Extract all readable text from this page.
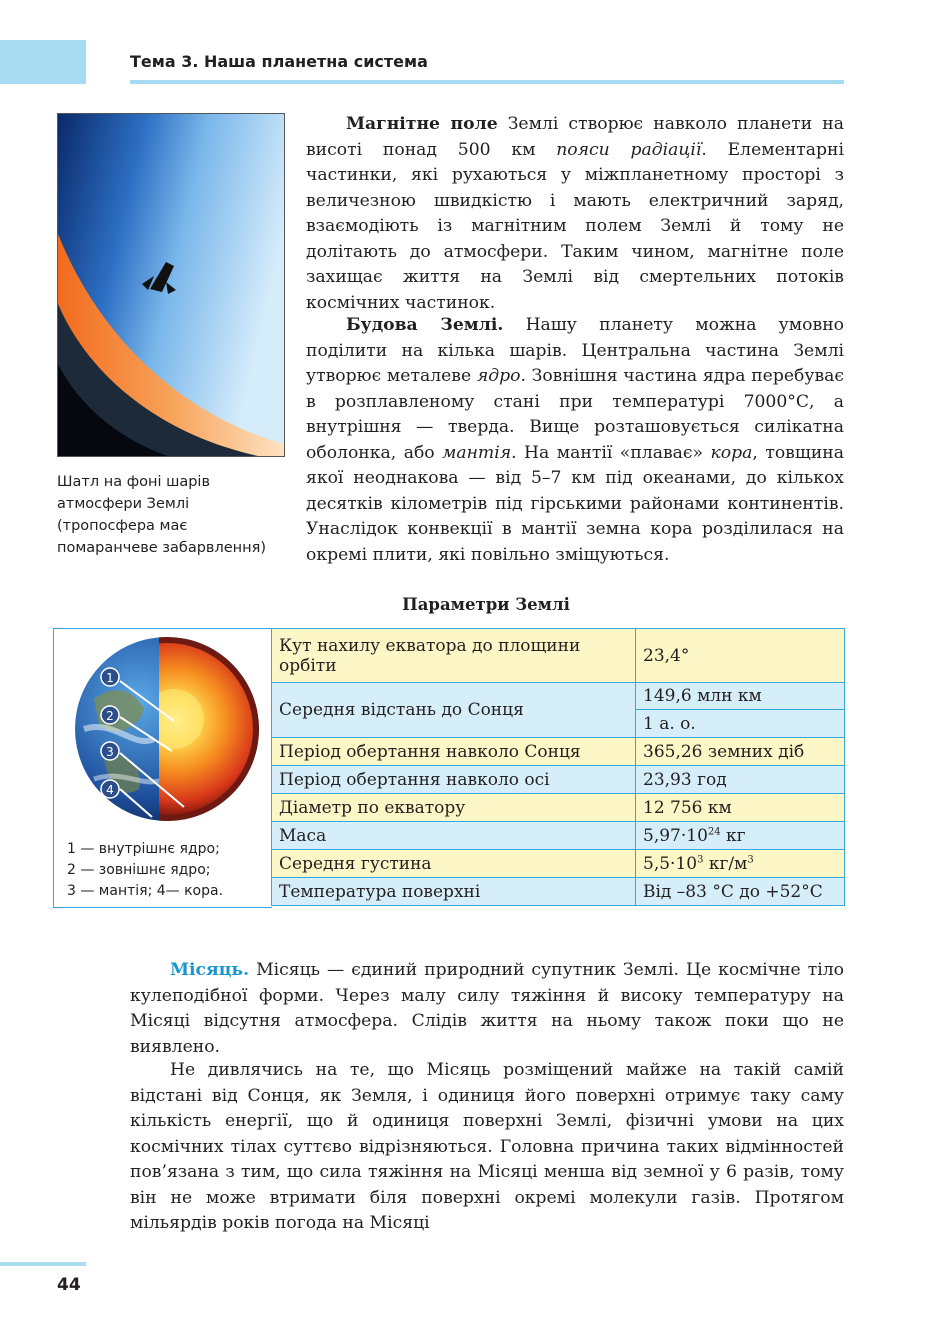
Тема 3. Наша планетна система
Шатл на фоні шарів атмосфери Землі (тропосфера має помаранчеве забарвлення)

Магнітне поле Землі створює навколо планети на висоті понад 500 км пояси радіації. Елементарні частинки, які рухаються у міжпланетному просторі з величезною швидкістю і мають електричний заряд, взаємодіють із магнітним полем Землі й тому не долітають до атмосфери. Таким чином, магнітне поле захищає життя на Землі від смертельних потоків космічних частинок.

Будова Землі. Нашу планету можна умовно поділити на кілька шарів. Центральна частина Землі утворює металеве ядро. Зовнішня частина ядра перебуває в розплавленому стані при температурі 7000°С, а внутрішня — тверда. Вище розташовується силікатна оболонка, або мантія. На мантії «плаває» кора, товщина якої неоднакова — від 5–7 км під океанами, до кількох десятків кілометрів під гірськими районами континентів. Унаслідок конвекції в мантії земна кора розділилася на окремі плити, які повільно зміщуються.

Параметри Землі
1
2
3
4
1 — внутрішнє ядро;
2 — зовнішнє ядро;
3 — мантія; 4— кора.
Кут нахилу екватора до площини орбіти	23,4°
Середня відстань до Сонця	149,6 млн км
	1 а. о.
Період обертання навколо Сонця	365,26 земних діб
Період обертання навколо осі	23,93 год
Діаметр по екватору	12 756 км
Маса	$5,97\cdot 10^{24}$ кг
Середня густина	$5,5\cdot 10^3$ $кг/м^3$
Температура поверхні	Від –83 °С до +52°С

Місяць. Місяць — єдиний природний супутник Землі. Це космічне тіло кулеподібної форми. Через малу силу тяжіння й високу температуру на Місяці відсутня атмосфера. Слідів життя на ньому також поки що не виявлено.

Не дивлячись на те, що Місяць розміщений майже на такій самій відстані від Сонця, як Земля, і одиниця його поверхні отримує таку саму кількість енергії, що й одиниця поверхні Землі, фізичні умови на цих космічних тілах суттєво відрізняються. Головна причина таких відмінностей пов’язана з тим, що сила тяжіння на Місяці менша від земної у 6 разів, тому він не може втримати біля поверхні окремі молекули газів. Протягом мільярдів років погода на Місяці

44
